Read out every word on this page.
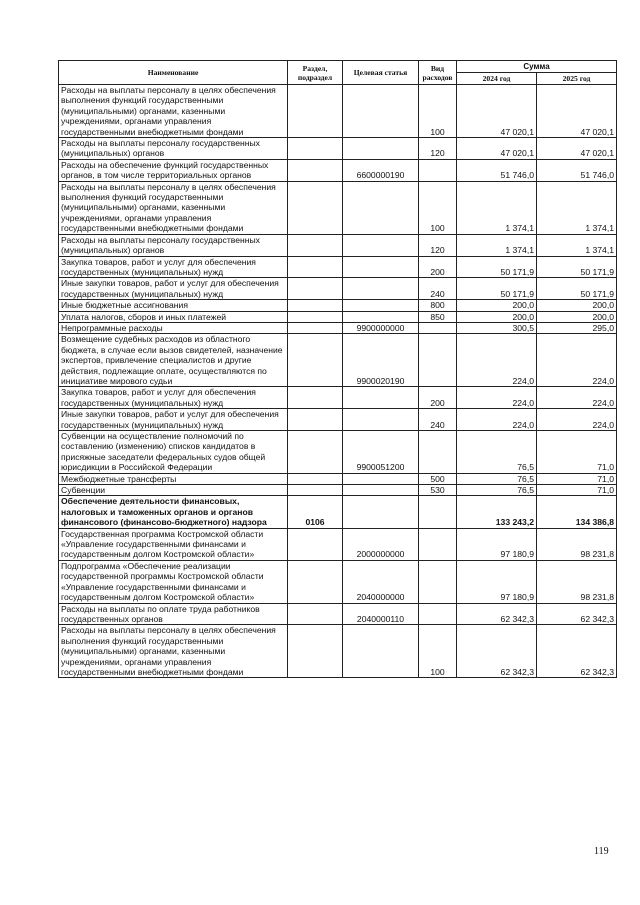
Наименование	Раздел, подраздел	Целевая статья	Вид расходов	Сумма	
				2024 год	2025 год
Расходы на выплаты персоналу в целях обеспечения выполнения функций государственными (муниципальными) органами, казенными учреждениями, органами управления государственными внебюджетными фондами			100	47 020,1	47 020,1
Расходы на выплаты персоналу государственных (муниципальных) органов			120	47 020,1	47 020,1
Расходы на обеспечение функций государственных органов, в том числе территориальных органов		6600000190		51 746,0	51 746,0
Расходы на выплаты персоналу в целях обеспечения выполнения функций государственными (муниципальными) органами, казенными учреждениями, органами управления государственными внебюджетными фондами			100	1 374,1	1 374,1
Расходы на выплаты персоналу государственных (муниципальных) органов			120	1 374,1	1 374,1
Закупка товаров, работ и услуг для обеспечения государственных (муниципальных) нужд			200	50 171,9	50 171,9
Иные закупки товаров, работ и услуг для обеспечения государственных (муниципальных) нужд			240	50 171,9	50 171,9
Иные бюджетные ассигнования			800	200,0	200,0
Уплата налогов, сборов и иных платежей			850	200,0	200,0
Непрограммные расходы		9900000000		300,5	295,0
Возмещение судебных расходов из областного бюджета, в случае если вызов свидетелей, назначение экспертов, привлечение специалистов и другие действия, подлежащие оплате, осуществляются по инициативе мирового судьи		9900020190		224,0	224,0
Закупка товаров, работ и услуг для обеспечения государственных (муниципальных) нужд			200	224,0	224,0
Иные закупки товаров, работ и услуг для обеспечения государственных (муниципальных) нужд			240	224,0	224,0
Субвенции на осуществление полномочий по составлению (изменению) списков кандидатов в присяжные заседатели федеральных судов общей юрисдикции в Российской Федерации		9900051200		76,5	71,0
Межбюджетные трансферты			500	76,5	71,0
Субвенции			530	76,5	71,0
Обеспечение деятельности финансовых, налоговых и таможенных органов и органов финансового (финансово-бюджетного) надзора	0106			133 243,2	134 386,8
Государственная программа Костромской области «Управление государственными финансами и государственным долгом Костромской области»		2000000000		97 180,9	98 231,8
Подпрограмма «Обеспечение реализации государственной программы Костромской области «Управление государственными финансами и государственным долгом Костромской области»		2040000000		97 180,9	98 231,8
Расходы на выплаты по оплате труда работников государственных органов		2040000110		62 342,3	62 342,3
Расходы на выплаты персоналу в целях обеспечения выполнения функций государственными (муниципальными) органами, казенными учреждениями, органами управления государственными внебюджетными фондами			100	62 342,3	62 342,3
119
